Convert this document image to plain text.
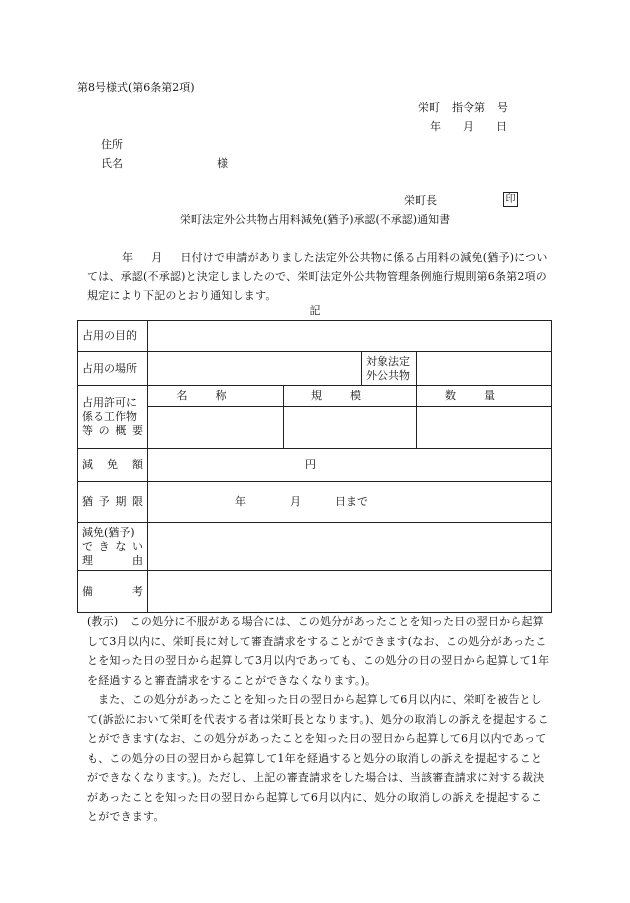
第8号様式(第6条第2項)
栄町 指令第 号
年 月 日
住所
氏名	様
栄町長	印
栄町法定外公共物占用料減免(猶予)承認(不承認)通知書
年 月 日付けで申請がありました法定外公共物に係る占用料の減免(猶予)については、承認(不承認)と決定しましたので、栄町法定外公共物管理条例施行規則第6条第2項の規定により下記のとおり通知します。
記
占用の目的				
占用の場所			対象法定
外公共物	

占用許可に
係る工作物
等の概要	名称	規模		数量

減免額	円			
猶予期限	年 月 日まで			

減免(猶予)
できない
理由				

備考				

(教示)　この処分に不服がある場合には、この処分があったことを知った日の翌日から起算して3月以内に、栄町長に対して審査請求をすることができます(なお、この処分があったことを知った日の翌日から起算して3月以内であっても、この処分の日の翌日から起算して1年を経過すると審査請求をすることができなくなります。)。

また、この処分があったことを知った日の翌日から起算して6月以内に、栄町を被告として(訴訟において栄町を代表する者は栄町長となります。)、処分の取消しの訴えを提起することができます(なお、この処分があったことを知った日の翌日から起算して6月以内であっても、この処分の日の翌日から起算して1年を経過すると処分の取消しの訴えを提起することができなくなります。)。ただし、上記の審査請求をした場合は、当該審査請求に対する裁決があったことを知った日の翌日から起算して6月以内に、処分の取消しの訴えを提起することができます。
